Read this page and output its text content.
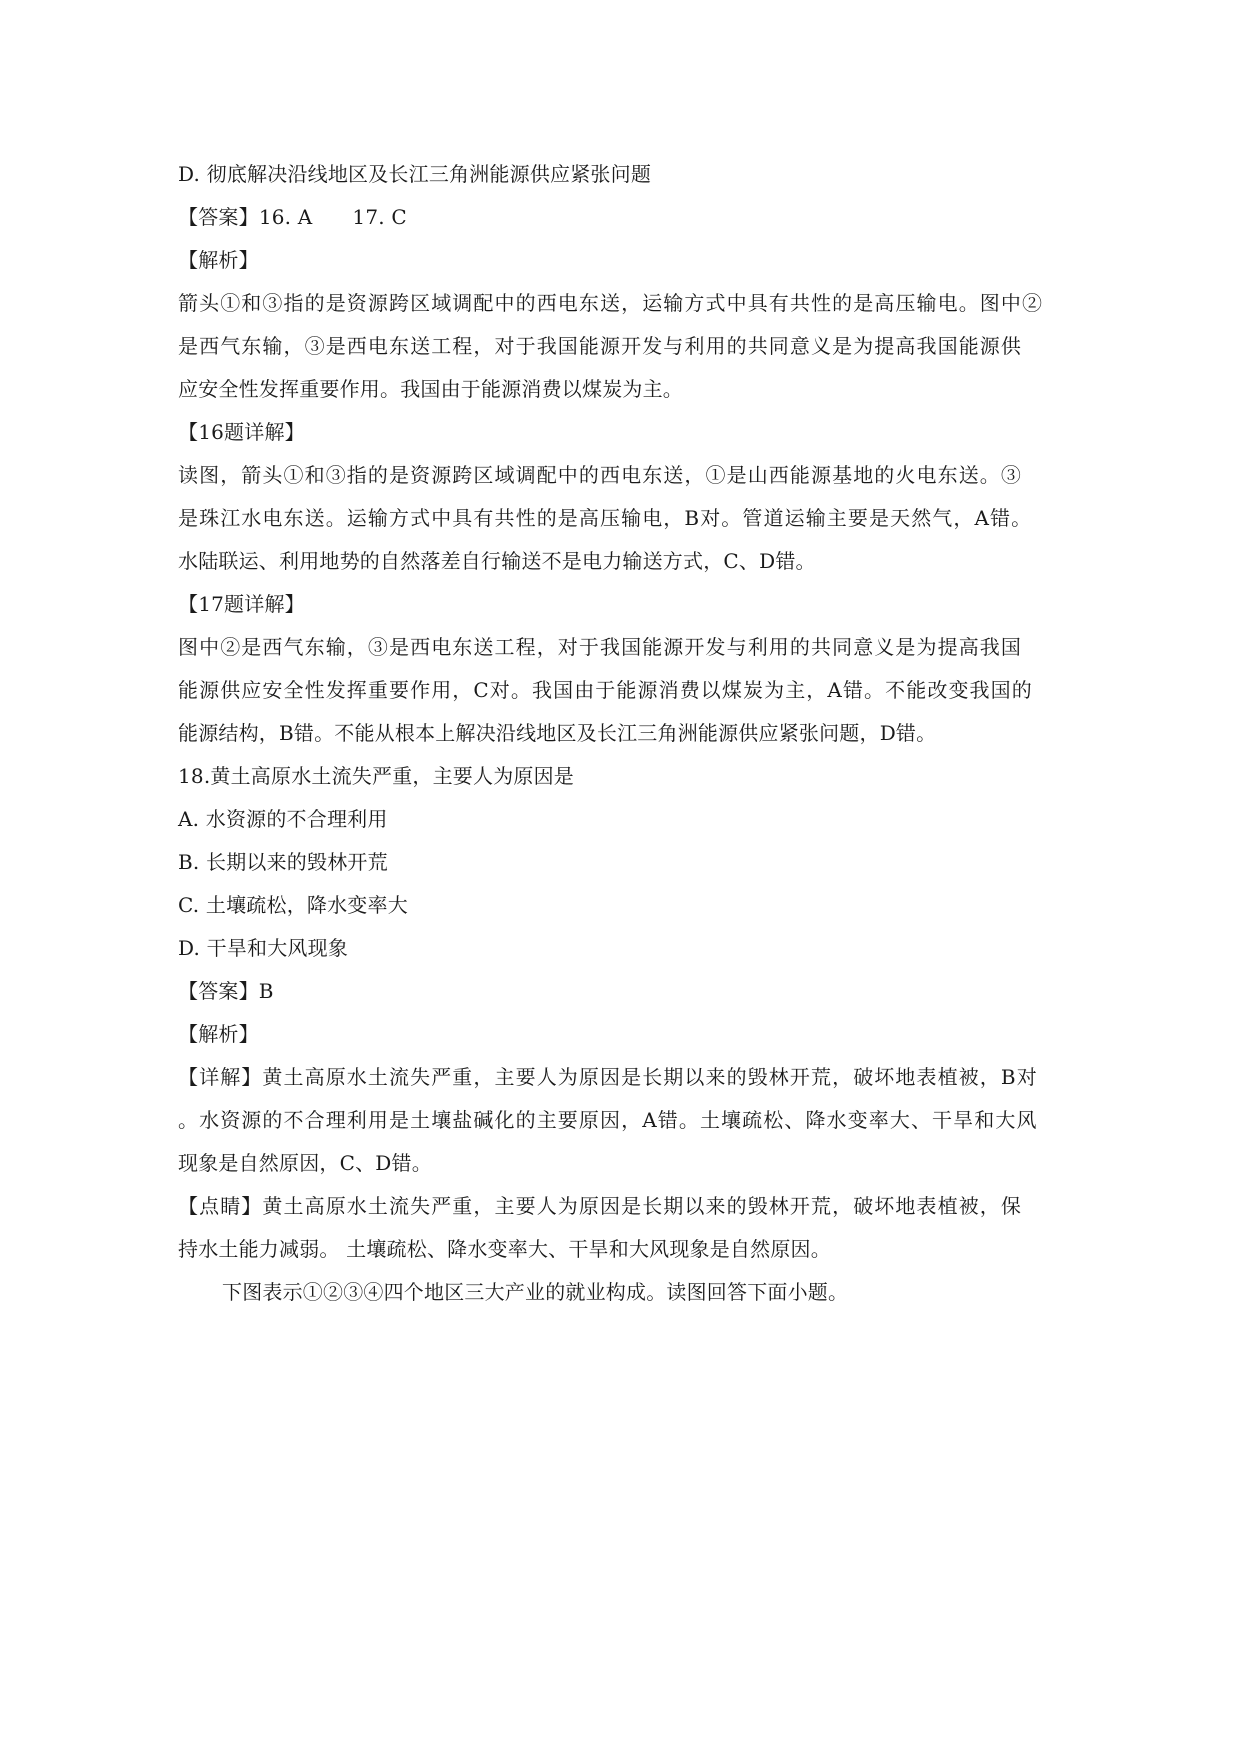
D. 彻底解决沿线地区及长江三角洲能源供应紧张问题
【答案】16. A 17. C
【解析】
箭头①和③指的是资源跨区域调配中的西电东送，运输方式中具有共性的是高压输电。图中②
是西气东输，③是西电东送工程，对于我国能源开发与利用的共同意义是为提高我国能源供
应安全性发挥重要作用。我国由于能源消费以煤炭为主。
【16题详解】
读图，箭头①和③指的是资源跨区域调配中的西电东送，①是山西能源基地的火电东送。③
是珠江水电东送。运输方式中具有共性的是高压输电，B对。管道运输主要是天然气，A错。
水陆联运、利用地势的自然落差自行输送不是电力输送方式，C、D错。
【17题详解】
图中②是西气东输，③是西电东送工程，对于我国能源开发与利用的共同意义是为提高我国
能源供应安全性发挥重要作用，C对。我国由于能源消费以煤炭为主，A错。不能改变我国的
能源结构，B错。不能从根本上解决沿线地区及长江三角洲能源供应紧张问题，D错。
18.黄土高原水土流失严重，主要人为原因是
A. 水资源的不合理利用
B. 长期以来的毁林开荒
C. 土壤疏松，降水变率大
D. 干旱和大风现象
【答案】B
【解析】
【详解】黄土高原水土流失严重，主要人为原因是长期以来的毁林开荒，破坏地表植被，B对
。水资源的不合理利用是土壤盐碱化的主要原因，A错。土壤疏松、降水变率大、干旱和大风
现象是自然原因，C、D错。
【点睛】黄土高原水土流失严重，主要人为原因是长期以来的毁林开荒，破坏地表植被，保
持水土能力减弱。 土壤疏松、降水变率大、干旱和大风现象是自然原因。
下图表示①②③④四个地区三大产业的就业构成。读图回答下面小题。
